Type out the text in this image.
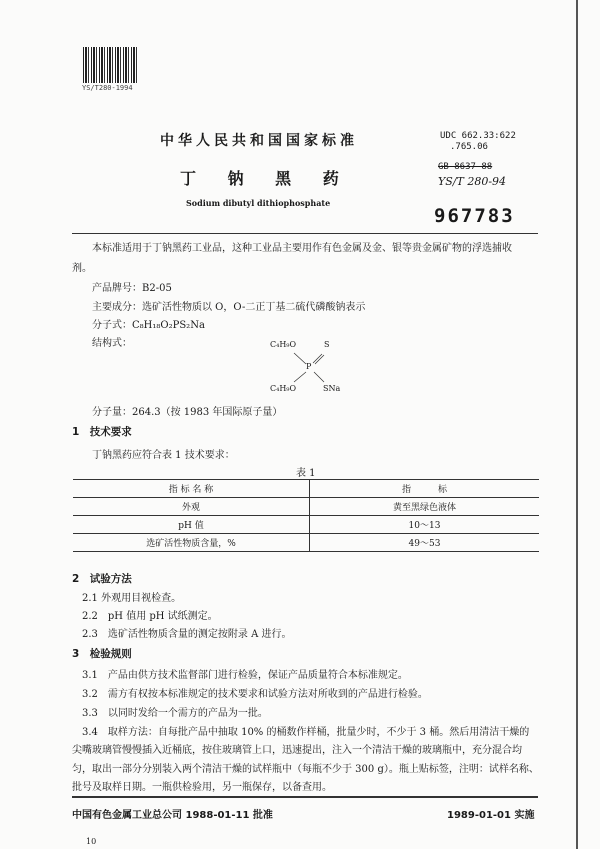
YS/T280-1994
中华人民共和国国家标准
丁 钠 黑 药
Sodium dibutyl dithiophosphate
UDC 662.33:622
.765.06
GB 8637—88
YS/T 280-94
967783
本标准适用于丁钠黑药工业品，这种工业品主要用作有色金属及金、银等贵金属矿物的浮选捕收
剂。
产品牌号：B2-05
主要成分：选矿活性物质以 O，O-二正丁基二硫代磷酸钠表示
分子式：C₈H₁₈O₂PS₂Na
结构式：	C₄H₉O	S
P
C₄H₉O	SNa
分子量：264.3（按 1983 年国际原子量）
1　技术要求
丁钠黑药应符合表 1 技术要求：
表 1
指 标 名 称	指　　　标
外观	黄至黑绿色液体
pH 值	10～13
选矿活性物质含量，%	49～53
2　试验方法
2.1 外观用目视检查。
2.2　pH 值用 pH 试纸测定。
2.3　选矿活性物质含量的测定按附录 A 进行。
3　检验规则
3.1　产品由供方技术监督部门进行检验，保证产品质量符合本标准规定。
3.2　需方有权按本标准规定的技术要求和试验方法对所收到的产品进行检验。
3.3　以同时发给一个需方的产品为一批。
3.4　取样方法：自每批产品中抽取 10% 的桶数作样桶，批量少时，不少于 3 桶。然后用清洁干燥的
尖嘴玻璃管慢慢插入近桶底，按住玻璃管上口，迅速提出，注入一个清洁干燥的玻璃瓶中，充分混合均
匀，取出一部分分别装入两个清洁干燥的试样瓶中（每瓶不少于 300 g）。瓶上贴标签，注明：试样名称、
批号及取样日期。一瓶供检验用，另一瓶保存，以备查用。
中国有色金属工业总公司 1988-01-11 批准	1989-01-01 实施
10
